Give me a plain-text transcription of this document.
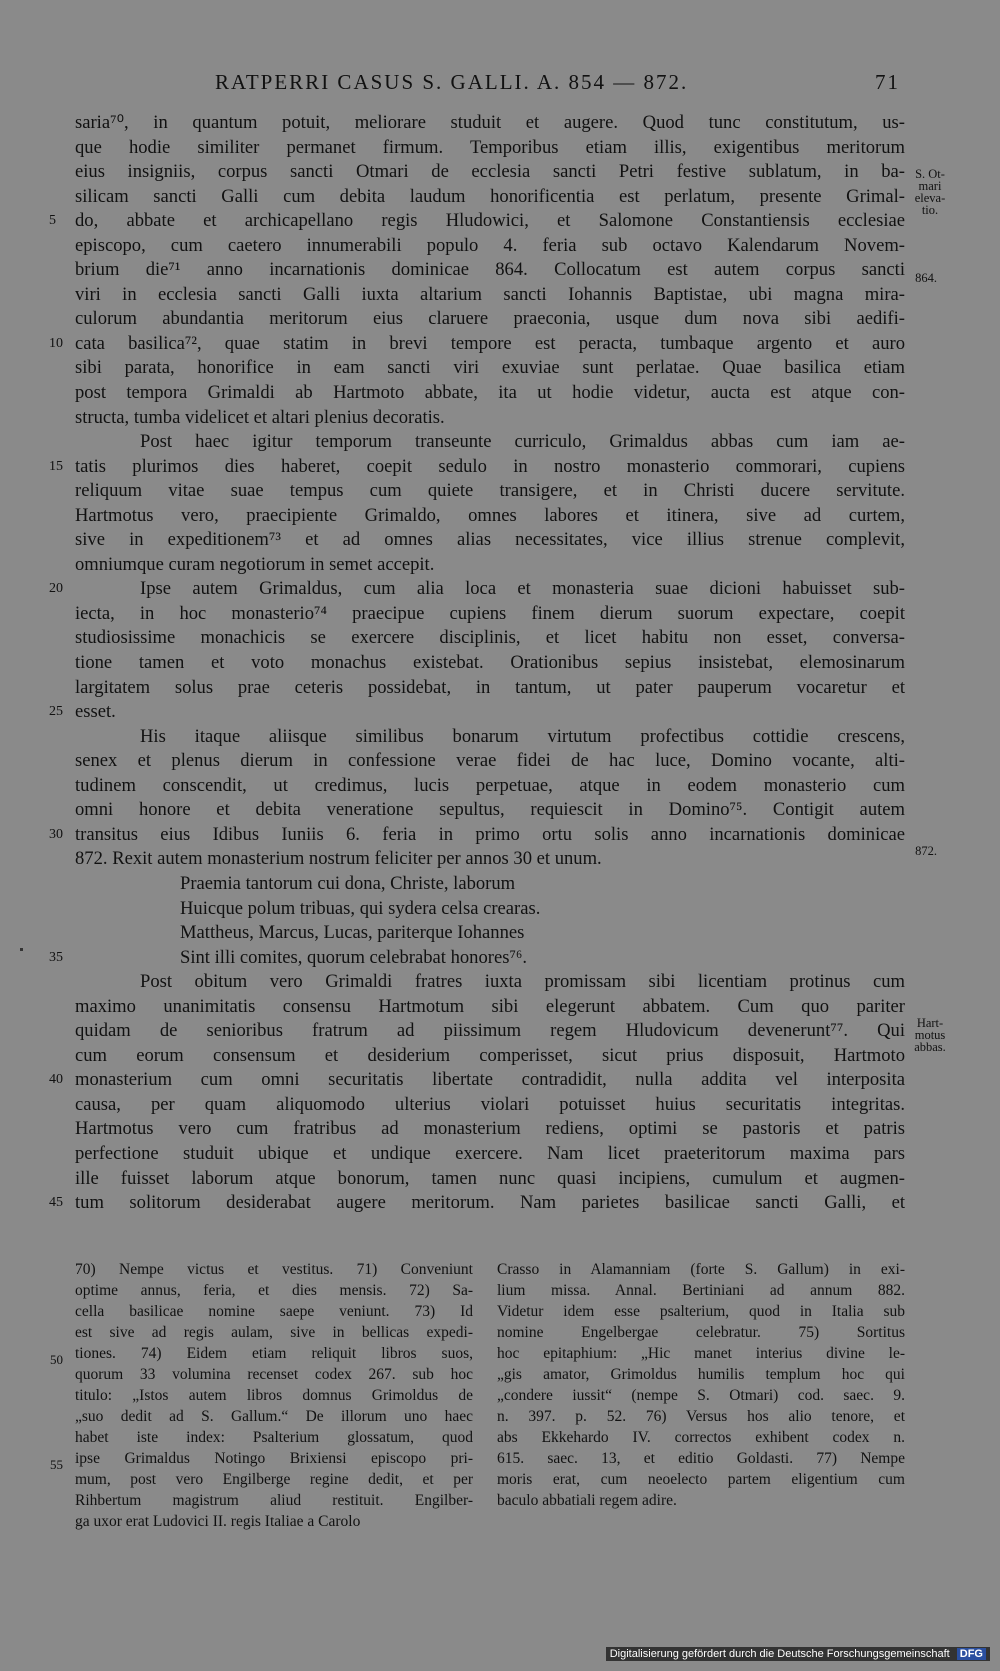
RATPERRI CASUS S. GALLI. A. 854 — 872.	71
saria⁷⁰, in quantum potuit, meliorare studuit et augere. Quod tunc constitutum, us-
que hodie similiter permanet firmum. Temporibus etiam illis, exigentibus meritorum
eius insigniis, corpus sancti Otmari de ecclesia sancti Petri festive sublatum, in ba-
silicam sancti Galli cum debita laudum honorificentia est perlatum, presente Grimal-
do, abbate et archicapellano regis Hludowici, et Salomone Constantiensis ecclesiae
5
episcopo, cum caetero innumerabili populo 4. feria sub octavo Kalendarum Novem-
brium die⁷¹ anno incarnationis dominicae 864. Collocatum est autem corpus sancti
viri in ecclesia sancti Galli iuxta altarium sancti Iohannis Baptistae, ubi magna mira-
culorum abundantia meritorum eius claruere praeconia, usque dum nova sibi aedifi-
cata basilica⁷², quae statim in brevi tempore est peracta, tumbaque argento et auro
10
sibi parata, honorifice in eam sancti viri exuviae sunt perlatae. Quae basilica etiam
post tempora Grimaldi ab Hartmoto abbate, ita ut hodie videtur, aucta est atque con-
structa, tumba videlicet et altari plenius decoratis.
Post haec igitur temporum transeunte curriculo, Grimaldus abbas cum iam ae-
tatis plurimos dies haberet, coepit sedulo in nostro monasterio commorari, cupiens
15
reliquum vitae suae tempus cum quiete transigere, et in Christi ducere servitute.
Hartmotus vero, praecipiente Grimaldo, omnes labores et itinera, sive ad curtem,
sive in expeditionem⁷³ et ad omnes alias necessitates, vice illius strenue complevit,
omniumque curam negotiorum in semet accepit.
Ipse autem Grimaldus, cum alia loca et monasteria suae dicioni habuisset sub-
20
iecta, in hoc monasterio⁷⁴ praecipue cupiens finem dierum suorum expectare, coepit
studiosissime monachicis se exercere disciplinis, et licet habitu non esset, conversa-
tione tamen et voto monachus existebat. Orationibus sepius insistebat, elemosinarum
largitatem solus prae ceteris possidebat, in tantum, ut pater pauperum vocaretur et
esset.
25
His itaque aliisque similibus bonarum virtutum profectibus cottidie crescens,
senex et plenus dierum in confessione verae fidei de hac luce, Domino vocante, alti-
tudinem conscendit, ut credimus, lucis perpetuae, atque in eodem monasterio cum
omni honore et debita veneratione sepultus, requiescit in Domino⁷⁵. Contigit autem
transitus eius Idibus Iuniis 6. feria in primo ortu solis anno incarnationis dominicae
30
872. Rexit autem monasterium nostrum feliciter per annos 30 et unum.
Praemia tantorum cui dona, Christe, laborum
Huicque polum tribuas, qui sydera celsa crearas.
Mattheus, Marcus, Lucas, pariterque Iohannes
Sint illi comites, quorum celebrabat honores⁷⁶.
35
Post obitum vero Grimaldi fratres iuxta promissam sibi licentiam protinus cum
maximo unanimitatis consensu Hartmotum sibi elegerunt abbatem. Cum quo pariter
quidam de senioribus fratrum ad piissimum regem Hludovicum devenerunt⁷⁷. Qui
cum eorum consensum et desiderium comperisset, sicut prius disposuit, Hartmoto
monasterium cum omni securitatis libertate contradidit, nulla addita vel interposita
40
causa, per quam aliquomodo ulterius violari potuisset huius securitatis integritas.
Hartmotus vero cum fratribus ad monasterium rediens, optimi se pastoris et patris
perfectione studuit ubique et undique exercere. Nam licet praeteritorum maxima pars
ille fuisset laborum atque bonorum, tamen nunc quasi incipiens, cumulum et augmen-
tum solitorum desiderabat augere meritorum. Nam parietes basilicae sancti Galli, et
45
S. Ot-
mari
eleva-
tio.
864.
872.
Hart-
motus
abbas.
70) Nempe victus et vestitus. 71) Conveniunt
optime annus, feria, et dies mensis. 72) Sa-
cella basilicae nomine saepe veniunt. 73) Id
est sive ad regis aulam, sive in bellicas expedi-
tiones. 74) Eidem etiam reliquit libros suos,
quorum 33 volumina recenset codex 267. sub hoc
titulo: „Istos autem libros domnus Grimoldus de
„suo dedit ad S. Gallum.“ De illorum uno haec
habet iste index: Psalterium glossatum, quod
ipse Grimaldus Notingo Brixiensi episcopo pri-
mum, post vero Engilberge regine dedit, et per
Rihbertum magistrum aliud restituit. Engilber-
ga uxor erat Ludovici II. regis Italiae a Carolo
Crasso in Alamanniam (forte S. Gallum) in exi-
lium missa. Annal. Bertiniani ad annum 882.
Videtur idem esse psalterium, quod in Italia sub
nomine Engelbergae celebratur. 75) Sortitus
hoc epitaphium: „Hic manet interius divine le-
„gis amator, Grimoldus humilis templum hoc qui
„condere iussit“ (nempe S. Otmari) cod. saec. 9.
n. 397. p. 52. 76) Versus hos alio tenore, et
abs Ekkehardo IV. correctos exhibent codex n.
615. saec. 13, et editio Goldasti. 77) Nempe
moris erat, cum neoelecto partem eligentium cum
baculo abbatiali regem adire.
50
55
Digitalisierung gefördert durch die Deutsche Forschungsgemeinschaft DFG
